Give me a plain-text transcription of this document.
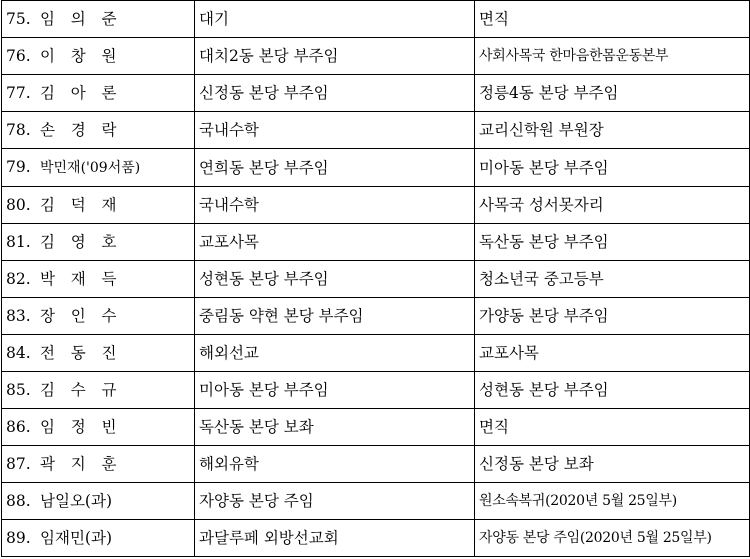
75. 임 의 준	대기	면직
76. 이 창 원	대치2동 본당 부주임	사회사목국 한마음한몸운동본부
77. 김 아 론	신정동 본당 부주임	정릉4동 본당 부주임
78. 손 경 락	국내수학	교리신학원 부원장
79. 박민재('09서품)	연희동 본당 부주임	미아동 본당 부주임
80. 김 덕 재	국내수학	사목국 성서못자리
81. 김 영 호	교포사목	독산동 본당 부주임
82. 박 재 득	성현동 본당 부주임	청소년국 중고등부
83. 장 인 수	중림동 약현 본당 부주임	가양동 본당 부주임
84. 전 동 진	해외선교	교포사목
85. 김 수 규	미아동 본당 부주임	성현동 본당 부주임
86. 임 정 빈	독산동 본당 보좌	면직
87. 곽 지 훈	해외유학	신정동 본당 보좌
88. 남일오(과)	자양동 본당 주임	원소속복귀(2020년 5월 25일부)
89. 임재민(과)	과달루페 외방선교회	자양동 본당 주임(2020년 5월 25일부)
